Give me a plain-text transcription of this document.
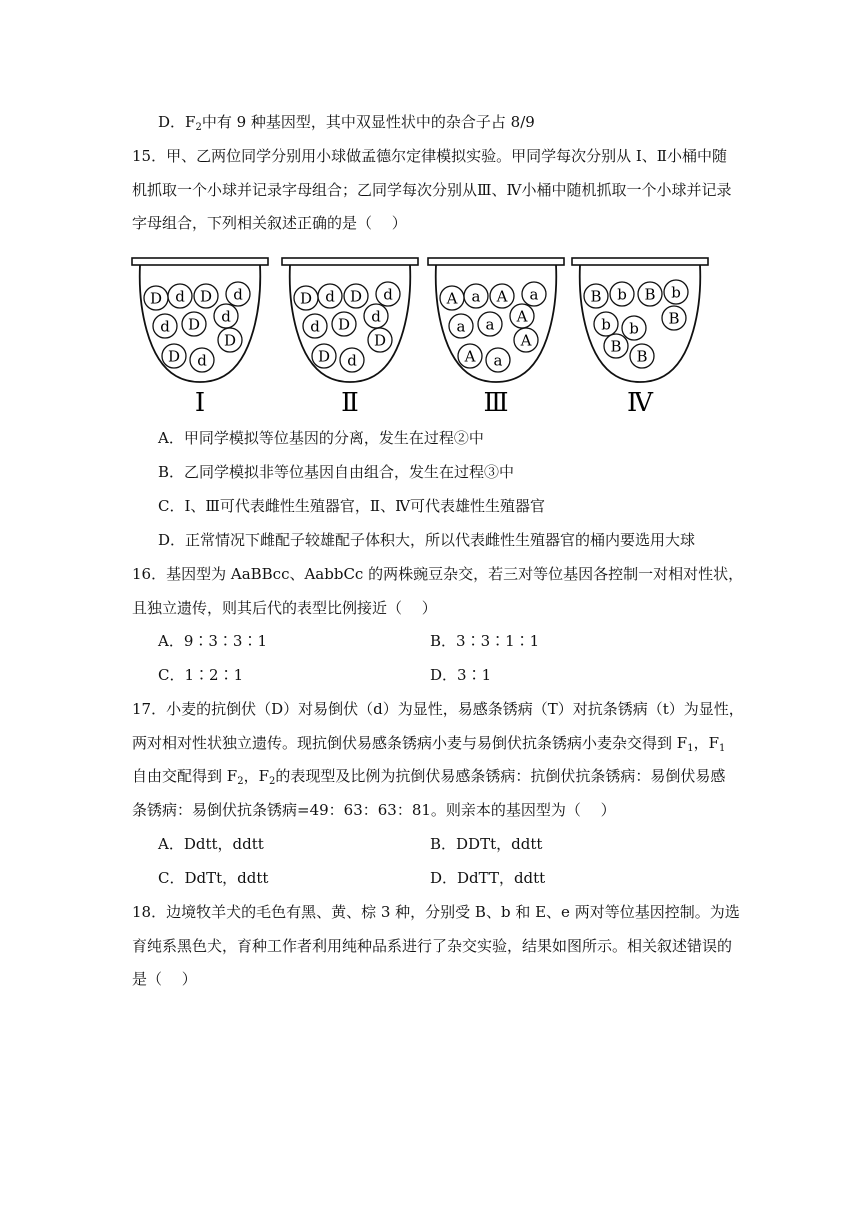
D．$F_2$中有 9 种基因型，其中双显性状中的杂合子占 8/9
15．甲、乙两位同学分别用小球做孟德尔定律模拟实验。甲同学每次分别从 I、Ⅱ小桶中随
机抓取一个小球并记录字母组合；乙同学每次分别从Ⅲ、Ⅳ小桶中随机抓取一个小球并记录
字母组合，下列相关叙述正确的是（　 ）
D d D d
d D d
D d
D
Ⅰ
D d D d
d D d
D d
D
Ⅱ
A a A a
a a A
A a
A
Ⅲ
B b B b
b b
B
B
B
Ⅳ
A．甲同学模拟等位基因的分离，发生在过程②中
B．乙同学模拟非等位基因自由组合，发生在过程③中
C．Ⅰ、Ⅲ可代表雌性生殖器官，Ⅱ、Ⅳ可代表雄性生殖器官
D．正常情况下雌配子较雄配子体积大，所以代表雌性生殖器官的桶内要选用大球
16．基因型为 AaBBcc、AabbCc 的两株豌豆杂交，若三对等位基因各控制一对相对性状，
且独立遗传，则其后代的表型比例接近（　 ）
A．9∶3∶3∶1	B．3∶3∶1∶1
C．1∶2∶1	D．3∶1
17．小麦的抗倒伏（D）对易倒伏（d）为显性，易感条锈病（T）对抗条锈病（t）为显性，
两对相对性状独立遗传。现抗倒伏易感条锈病小麦与易倒伏抗条锈病小麦杂交得到 $F_1$，$F_1$
自由交配得到 $F_2$，$F_2$的表现型及比例为抗倒伏易感条锈病：抗倒伏抗条锈病：易倒伏易感
条锈病：易倒伏抗条锈病=49：63：63：81。则亲本的基因型为（　 ）
A．Ddtt，ddtt	B．DDTt，ddtt
C．DdTt，ddtt	D．DdTT，ddtt
18．边境牧羊犬的毛色有黑、黄、棕 3 种，分别受 B、b 和 E、e 两对等位基因控制。为选
育纯系黑色犬，育种工作者利用纯种品系进行了杂交实验，结果如图所示。相关叙述错误的
是（　 ）
